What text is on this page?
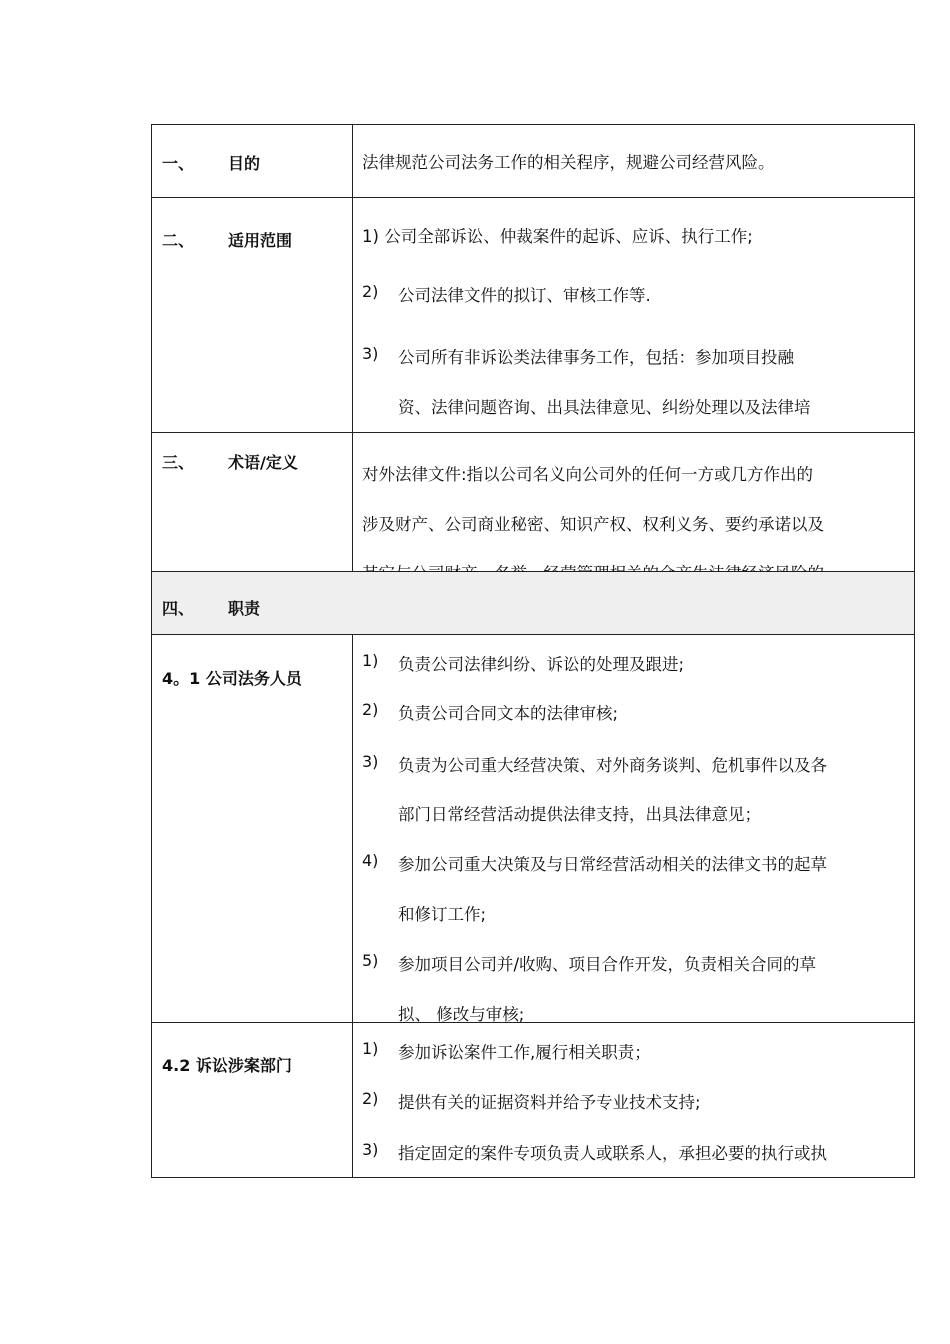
一、 目的	法律规范公司法务工作的相关程序，规避公司经营风险。
二、 适用范围	1) 公司全部诉讼、仲裁案件的起诉、应诉、执行工作;
2) 公司法律文件的拟订、审核工作等.
3) 公司所有非诉讼类法律事务工作，包括：参加项目投融
资、法律问题咨询、出具法律意见、纠纷处理以及法律培
三、 术语/定义
对外法律文件:指以公司名义向公司外的任何一方或几方作出的
涉及财产、公司商业秘密、知识产权、权利义务、要约承诺以及
四、 职责
4。1 公司法务人员
1) 负责公司法律纠纷、诉讼的处理及跟进;
2) 负责公司合同文本的法律审核;
3) 负责为公司重大经营决策、对外商务谈判、危机事件以及各
部门日常经营活动提供法律支持，出具法律意见；
4) 参加公司重大决策及与日常经营活动相关的法律文书的起草
和修订工作;
5) 参加项目公司并/收购、项目合作开发，负责相关合同的草
拟、 修改与审核;
4.2 诉讼涉案部门
1) 参加诉讼案件工作,履行相关职责；
2) 提供有关的证据资料并给予专业技术支持;
3) 指定固定的案件专项负责人或联系人，承担必要的执行或执
